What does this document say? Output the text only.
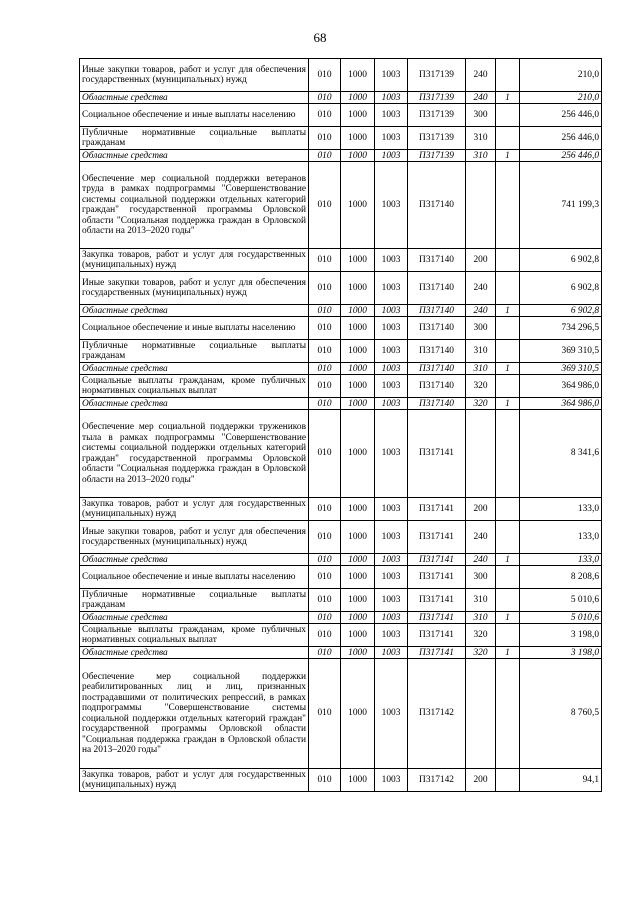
68
Иные закупки товаров, работ и услуг для обеспечения государственных (муниципальных) нужд	010	1000	1003	П317139	240		210,0
Областные средства	010	1000	1003	П317139	240	1	210,0
Социальное обеспечение и иные выплаты населению	010	1000	1003	П317139	300		256 446,0
Публичные нормативные социальные выплаты гражданам	010	1000	1003	П317139	310		256 446,0
Областные средства	010	1000	1003	П317139	310	1	256 446,0
Обеспечение мер социальной поддержки ветеранов труда в рамках подпрограммы "Совершенствование системы социальной поддержки отдельных категорий граждан" государственной программы Орловской области "Социальная поддержка граждан в Орловской области на 2013–2020 годы"	010	1000	1003	П317140			741 199,3
Закупка товаров, работ и услуг для государственных (муниципальных) нужд	010	1000	1003	П317140	200		6 902,8
Иные закупки товаров, работ и услуг для обеспечения государственных (муниципальных) нужд	010	1000	1003	П317140	240		6 902,8
Областные средства	010	1000	1003	П317140	240	1	6 902,8
Социальное обеспечение и иные выплаты населению	010	1000	1003	П317140	300		734 296,5
Публичные нормативные социальные выплаты гражданам	010	1000	1003	П317140	310		369 310,5
Областные средства	010	1000	1003	П317140	310	1	369 310,5
Социальные выплаты гражданам, кроме публичных нормативных социальных выплат	010	1000	1003	П317140	320		364 986,0
Областные средства	010	1000	1003	П317140	320	1	364 986,0
Обеспечение мер социальной поддержки тружеников тыла в рамках подпрограммы "Совершенствование системы социальной поддержки отдельных категорий граждан" государственной программы Орловской области "Социальная поддержка граждан в Орловской области на 2013–2020 годы"	010	1000	1003	П317141			8 341,6
Закупка товаров, работ и услуг для государственных (муниципальных) нужд	010	1000	1003	П317141	200		133,0
Иные закупки товаров, работ и услуг для обеспечения государственных (муниципальных) нужд	010	1000	1003	П317141	240		133,0
Областные средства	010	1000	1003	П317141	240	1	133,0
Социальное обеспечение и иные выплаты населению	010	1000	1003	П317141	300		8 208,6
Публичные нормативные социальные выплаты гражданам	010	1000	1003	П317141	310		5 010,6
Областные средства	010	1000	1003	П317141	310	1	5 010,6
Социальные выплаты гражданам, кроме публичных нормативных социальных выплат	010	1000	1003	П317141	320		3 198,0
Областные средства	010	1000	1003	П317141	320	1	3 198,0
Обеспечение мер социальной поддержки реабилитированных лиц и лиц, признанных пострадавшими от политических репрессий, в рамках подпрограммы "Совершенствование системы социальной поддержки отдельных категорий граждан" государственной программы Орловской области "Социальная поддержка граждан в Орловской области на 2013–2020 годы"	010	1000	1003	П317142			8 760,5
Закупка товаров, работ и услуг для государственных (муниципальных) нужд	010	1000	1003	П317142	200		94,1
